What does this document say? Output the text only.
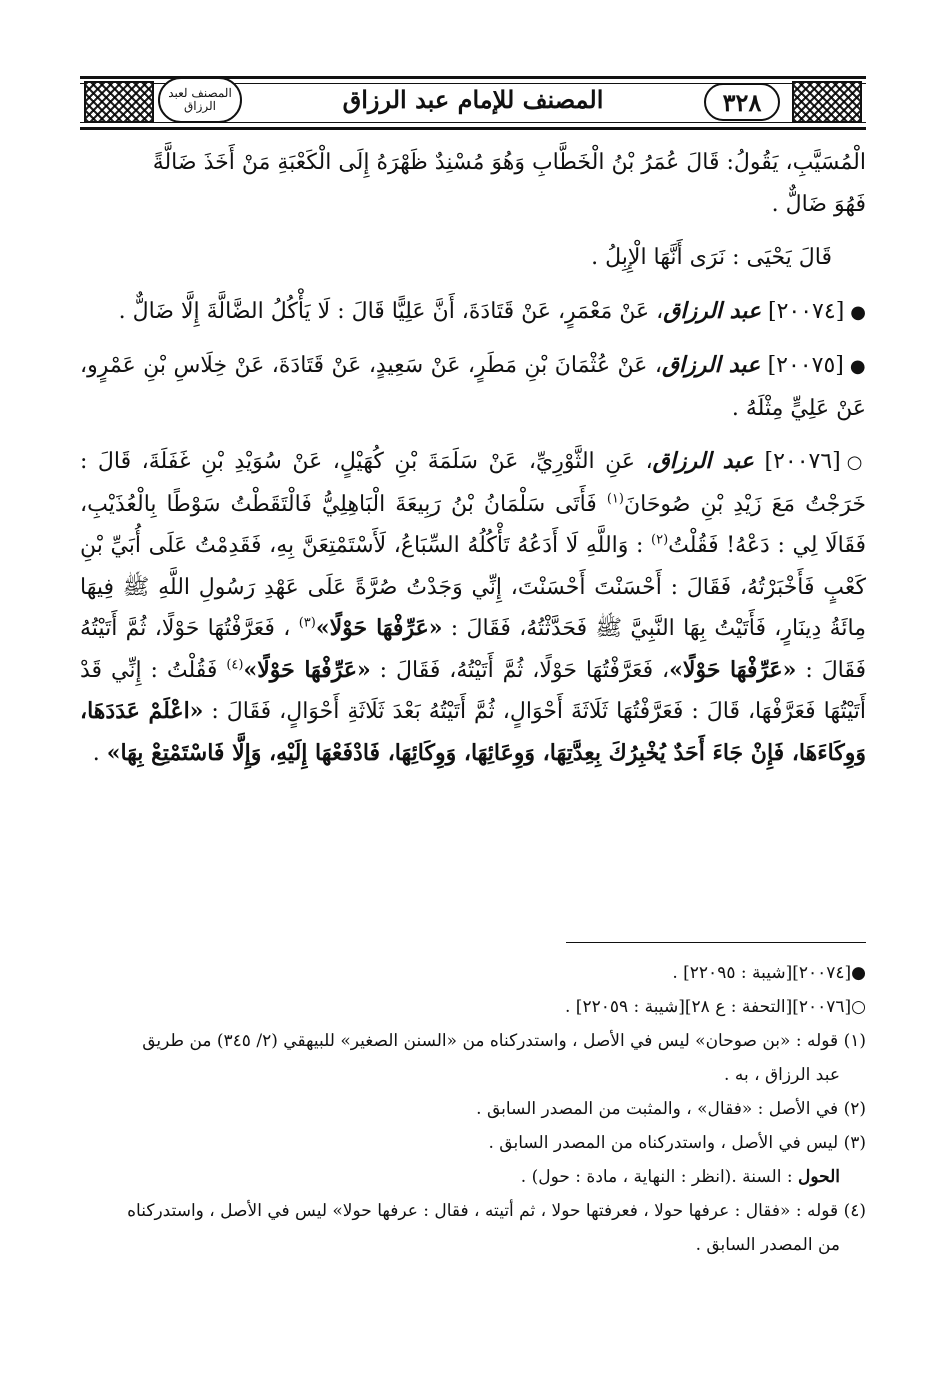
المصنف لعبد الرزاق	المصنف للإمام عبد الرزاق	٣٢٨

الْمُسَيَّبِ، يَقُولُ: قَالَ عُمَرُ بْنُ الْخَطَّابِ وَهُوَ مُسْنِدٌ ظَهْرَهُ إِلَى الْكَعْبَةِ مَنْ أَخَذَ ضَالَّةً

فَهُوَ ضَالٌّ .

قَالَ يَحْيَى : نَرَى أَنَّهَا الْإِبِلُ .

●[٢٠٠٧٤] عبد الرزاق، عَنْ مَعْمَرٍ، عَنْ قَتَادَةَ، أَنَّ عَلِيًّا قَالَ : لَا يَأْكُلُ الضَّالَّةَ إِلَّا ضَالٌّ .

●[٢٠٠٧٥] عبد الرزاق، عَنْ عُثْمَانَ بْنِ مَطَرٍ، عَنْ سَعِيدٍ، عَنْ قَتَادَةَ، عَنْ خِلَاسِ بْنِ عَمْرٍو، عَنْ عَلِيٍّ مِثْلَهُ .

○[٢٠٠٧٦] عبد الرزاق، عَنِ الثَّوْرِيِّ، عَنْ سَلَمَةَ بْنِ كُهَيْلٍ، عَنْ سُوَيْدِ بْنِ غَفَلَةَ، قَالَ : خَرَجْتُ مَعَ زَيْدِ بْنِ صُوحَانَ$^{(١)}$ فَأَتَى سَلْمَانُ بْنُ رَبِيعَةَ الْبَاهِلِيُّ فَالْتَقَطْتُ سَوْطًا بِالْعُذَيْبِ، فَقَالَا لِي : دَعْهُ! فَقُلْتُ$^{(٢)}$ : وَاللَّهِ لَا أَدَعُهُ تَأْكُلُهُ السِّبَاعُ، لَأَسْتَمْتِعَنَّ بِهِ، فَقَدِمْتُ عَلَى أُبَيِّ بْنِ كَعْبٍ فَأَخْبَرْتُهُ، فَقَالَ : أَحْسَنْتَ أَحْسَنْتَ، إِنِّي وَجَدْتُ صُرَّةً عَلَى عَهْدِ رَسُولِ اللَّهِ ﷺ فِيهَا مِائَةُ دِينَارٍ، فَأَتَيْتُ بِهَا النَّبِيَّ ﷺ فَحَدَّثْتُهُ، فَقَالَ : «عَرِّفْهَا حَوْلًا»$^{(٣)}$ ، فَعَرَّفْتُهَا حَوْلًا، ثُمَّ أَتَيْتُهُ فَقَالَ : «عَرِّفْهَا حَوْلًا»، فَعَرَّفْتُهَا حَوْلًا، ثُمَّ أَتَيْتُهُ، فَقَالَ : «عَرِّفْهَا حَوْلًا»$^{(٤)}$ فَقُلْتُ : إِنِّي قَدْ أَتَيْتُهَا فَعَرَّفْهَا، قَالَ : فَعَرَّفْتُهَا ثَلَاثَةَ أَحْوَالٍ، ثُمَّ أَتَيْتُهُ بَعْدَ ثَلَاثَةِ أَحْوَالٍ، فَقَالَ : «اعْلَمْ عَدَدَهَا، وَوِكَاءَهَا، فَإِنْ جَاءَ أَحَدٌ يُخْبِرُكَ بِعِدَّتِهَا، وَوِعَائِهَا، وَوِكَائِهَا، فَادْفَعْهَا إِلَيْهِ، وَإِلَّا فَاسْتَمْتِعْ بِهَا» .

●[٢٠٠٧٤][شيبة : ٢٢٠٩٥] .

○[٢٠٠٧٦][التحفة : ع ٢٨][شيبة : ٢٢٠٥٩] .

(١) قوله : «بن صوحان» ليس في الأصل ، واستدركناه من «السنن الصغير» للبيهقي (٢/ ٣٤٥) من طريق

عبد الرزاق ، به .

(٢) في الأصل : «فقال» ، والمثبت من المصدر السابق .

(٣) ليس في الأصل ، واستدركناه من المصدر السابق .

الحول : السنة .(انظر : النهاية ، مادة : حول) .

(٤) قوله : «فقال : عرفها حولا ، فعرفتها حولا ، ثم أتيته ، فقال : عرفها حولا» ليس في الأصل ، واستدركناه

من المصدر السابق .
